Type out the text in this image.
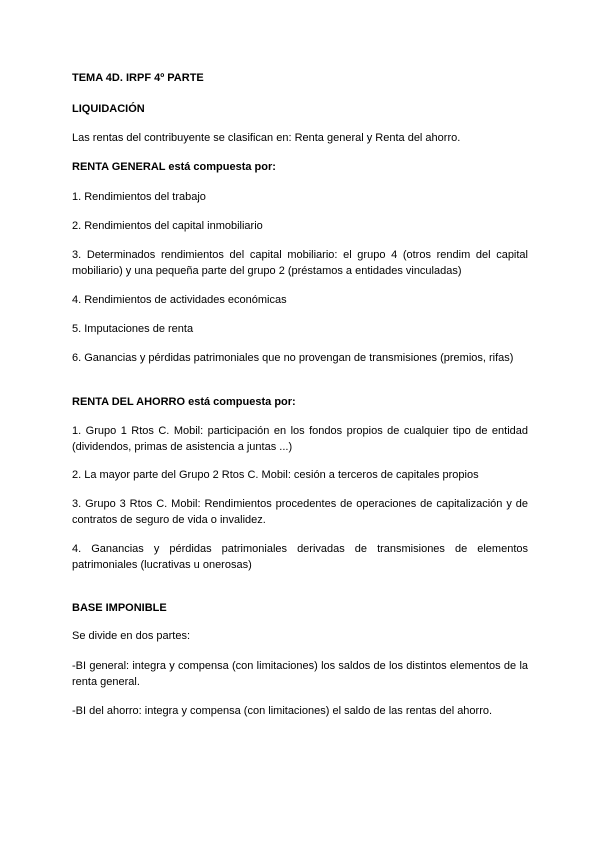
TEMA 4D. IRPF 4º PARTE

LIQUIDACIÓN

Las rentas del contribuyente se clasifican en: Renta general y Renta del ahorro.

RENTA GENERAL está compuesta por:

1. Rendimientos del trabajo

2. Rendimientos del capital inmobiliario

3. Determinados rendimientos del capital mobiliario: el grupo 4 (otros rendim del capital mobiliario) y una pequeña parte del grupo 2 (préstamos a entidades vinculadas)

4. Rendimientos de actividades económicas

5. Imputaciones de renta

6. Ganancias y pérdidas patrimoniales que no provengan de transmisiones (premios, rifas)

RENTA DEL AHORRO está compuesta por:

1. Grupo 1 Rtos C. Mobil: participación en los fondos propios de cualquier tipo de entidad (dividendos, primas de asistencia a juntas ...)

2. La mayor parte del Grupo 2 Rtos C. Mobil: cesión a terceros de capitales propios

3. Grupo 3 Rtos C. Mobil: Rendimientos procedentes de operaciones de capitalización y de contratos de seguro de vida o invalidez.

4. Ganancias y pérdidas patrimoniales derivadas de transmisiones de elementos patrimoniales (lucrativas u onerosas)

BASE IMPONIBLE

Se divide en dos partes:

-BI general: integra y compensa (con limitaciones) los saldos de los distintos elementos de la renta general.

-BI del ahorro: integra y compensa (con limitaciones) el saldo de las rentas del ahorro.
